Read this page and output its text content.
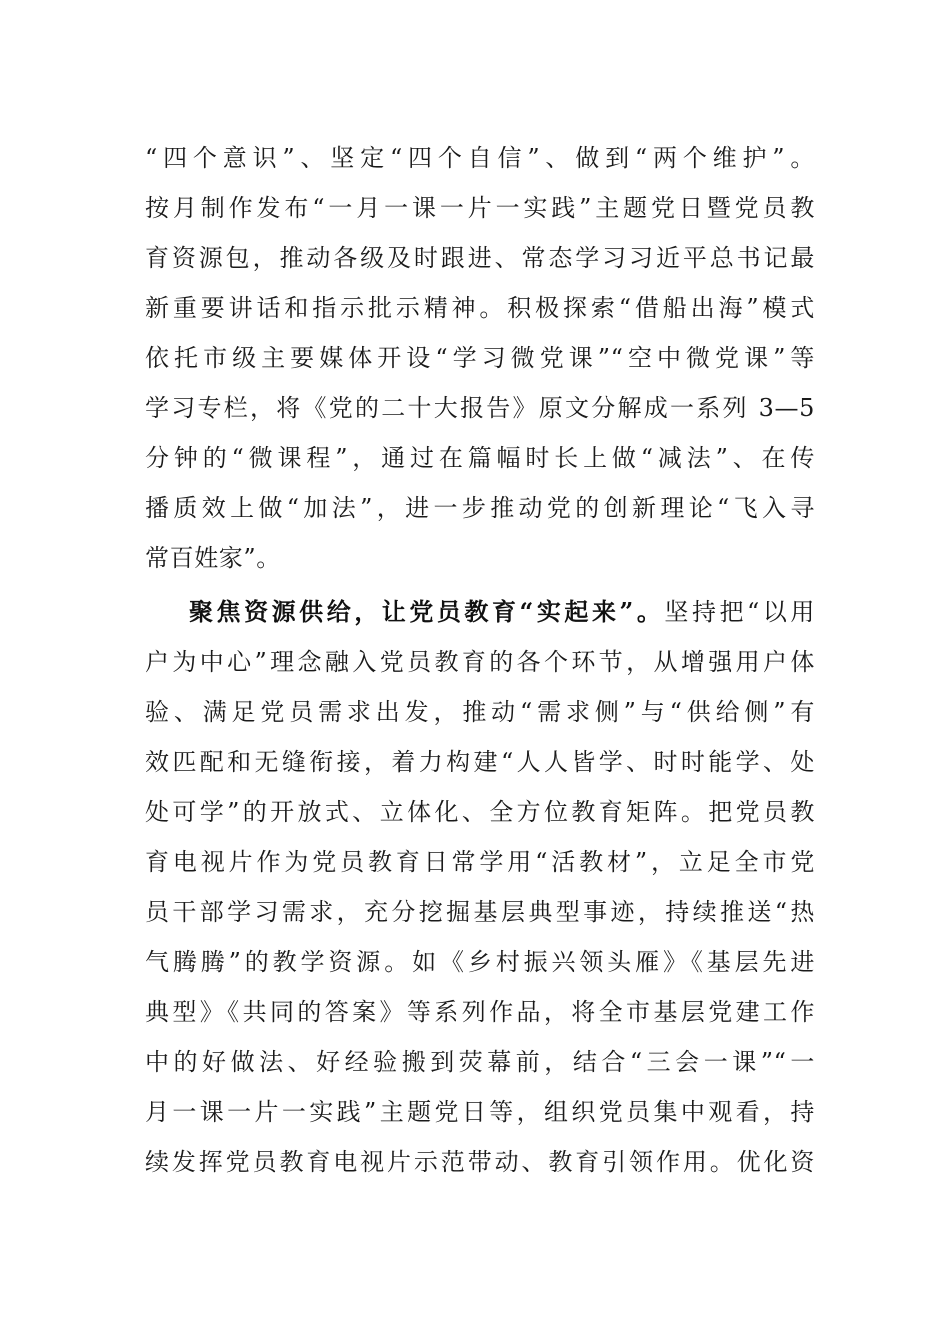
“四个意识”、坚定“四个自信”、做到“两个维护”。
按月制作发布“一月一课一片一实践”主题党日暨党员教
育资源包，推动各级及时跟进、常态学习习近平总书记最
新重要讲话和指示批示精神。积极探索“借船出海”模式
依托市级主要媒体开设“学习微党课”“空中微党课”等
学习专栏，将《党的二十大报告》原文分解成一系列 3—5
分钟的“微课程”，通过在篇幅时长上做“减法”、在传
播质效上做“加法”，进一步推动党的创新理论“飞入寻
常百姓家”。
聚焦资源供给，让党员教育“实起来”。坚持把“以用
户为中心”理念融入党员教育的各个环节，从增强用户体
验、满足党员需求出发，推动“需求侧”与“供给侧”有
效匹配和无缝衔接，着力构建“人人皆学、时时能学、处
处可学”的开放式、立体化、全方位教育矩阵。把党员教
育电视片作为党员教育日常学用“活教材”，立足全市党
员干部学习需求，充分挖掘基层典型事迹，持续推送“热
气腾腾”的教学资源。如《乡村振兴领头雁》《基层先进
典型》《共同的答案》等系列作品，将全市基层党建工作
中的好做法、好经验搬到荧幕前，结合“三会一课”“一
月一课一片一实践”主题党日等，组织党员集中观看，持
续发挥党员教育电视片示范带动、教育引领作用。优化资
